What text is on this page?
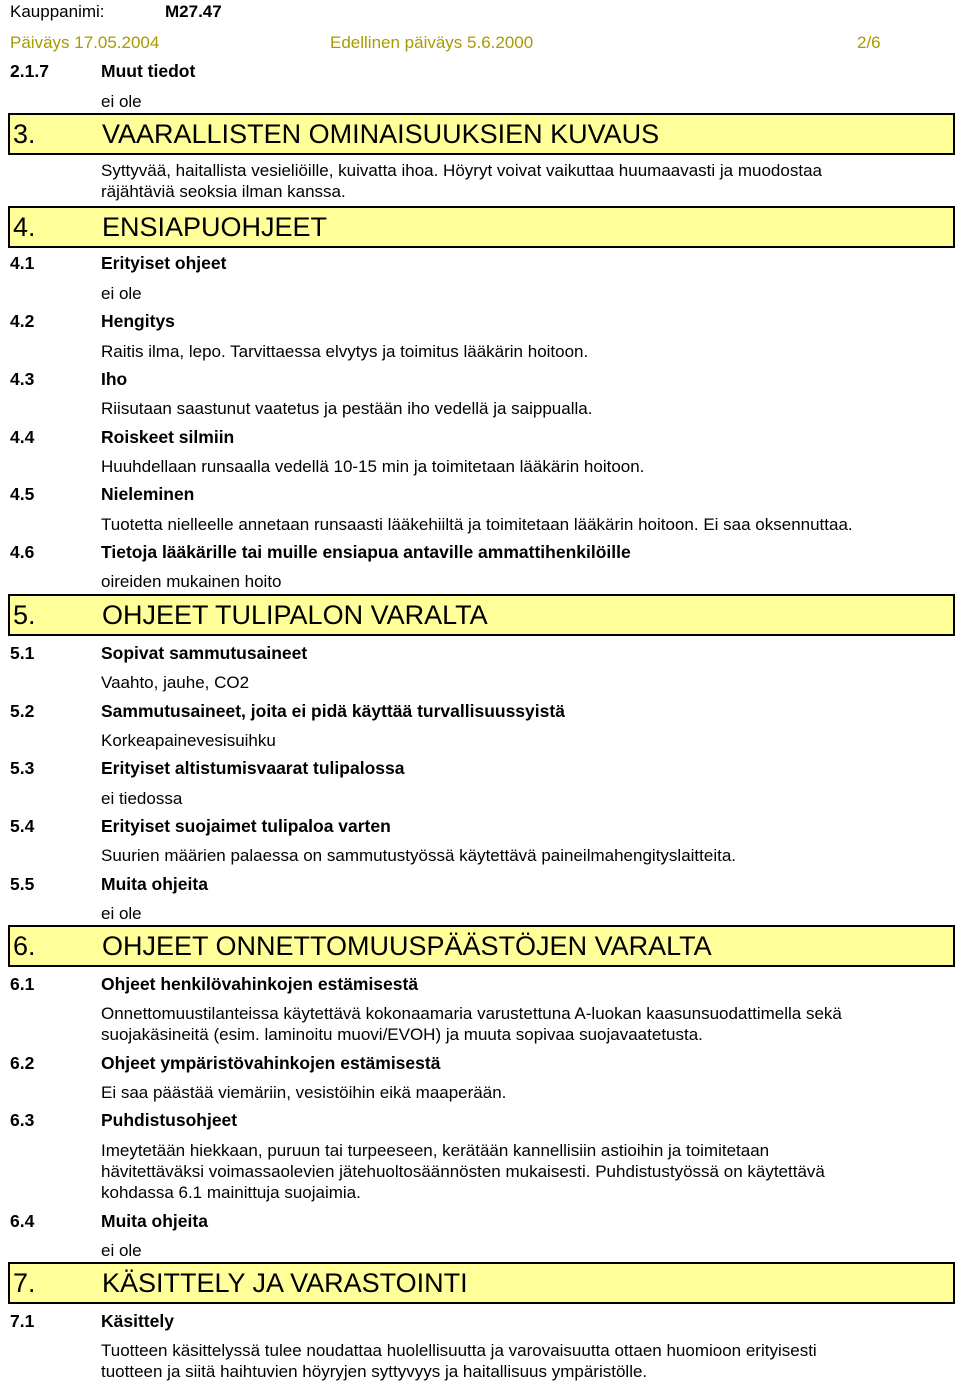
Kauppanimi:	M27.47
Päiväys 17.05.2004	Edellinen päiväys 5.6.2000	2/6
2.1.7	Muut tiedot
ei ole
3. VAARALLISTEN OMINAISUUKSIEN KUVAUS
Syttyvää, haitallista vesieliöille, kuivatta ihoa. Höyryt voivat vaikuttaa huumaavasti ja muodostaa
räjähtäviä seoksia ilman kanssa.
4. ENSIAPUOHJEET
4.1	Erityiset ohjeet
ei ole
4.2	Hengitys
Raitis ilma, lepo. Tarvittaessa elvytys ja toimitus lääkärin hoitoon.
4.3	Iho
Riisutaan saastunut vaatetus ja pestään iho vedellä ja saippualla.
4.4	Roiskeet silmiin
Huuhdellaan runsaalla vedellä 10-15 min ja toimitetaan lääkärin hoitoon.
4.5	Nieleminen
Tuotetta nielleelle annetaan runsaasti lääkehiiltä ja toimitetaan lääkärin hoitoon. Ei saa oksennuttaa.
4.6	Tietoja lääkärille tai muille ensiapua antaville ammattihenkilöille
oireiden mukainen hoito
5. OHJEET TULIPALON VARALTA
5.1	Sopivat sammutusaineet
Vaahto, jauhe, CO2
5.2	Sammutusaineet, joita ei pidä käyttää turvallisuussyistä
Korkeapainevesisuihku
5.3	Erityiset altistumisvaarat tulipalossa
ei tiedossa
5.4	Erityiset suojaimet tulipaloa varten
Suurien määrien palaessa on sammutustyössä käytettävä paineilmahengityslaitteita.
5.5	Muita ohjeita
ei ole
6. OHJEET ONNETTOMUUSPÄÄSTÖJEN VARALTA
6.1	Ohjeet henkilövahinkojen estämisestä
Onnettomuustilanteissa käytettävä kokonaamaria varustettuna A-luokan kaasunsuodattimella sekä
suojakäsineitä (esim. laminoitu muovi/EVOH) ja muuta sopivaa suojavaatetusta.
6.2	Ohjeet ympäristövahinkojen estämisestä
Ei saa päästää viemäriin, vesistöihin eikä maaperään.
6.3	Puhdistusohjeet
Imeytetään hiekkaan, puruun tai turpeeseen, kerätään kannellisiin astioihin ja toimitetaan
hävitettäväksi voimassaolevien jätehuoltosäännösten mukaisesti. Puhdistustyössä on käytettävä
kohdassa 6.1 mainittuja suojaimia.
6.4	Muita ohjeita
ei ole
7. KÄSITTELY JA VARASTOINTI
7.1	Käsittely
Tuotteen käsittelyssä tulee noudattaa huolellisuutta ja varovaisuutta ottaen huomioon erityisesti
tuotteen ja siitä haihtuvien höyryjen syttyvyys ja haitallisuus ympäristölle.
